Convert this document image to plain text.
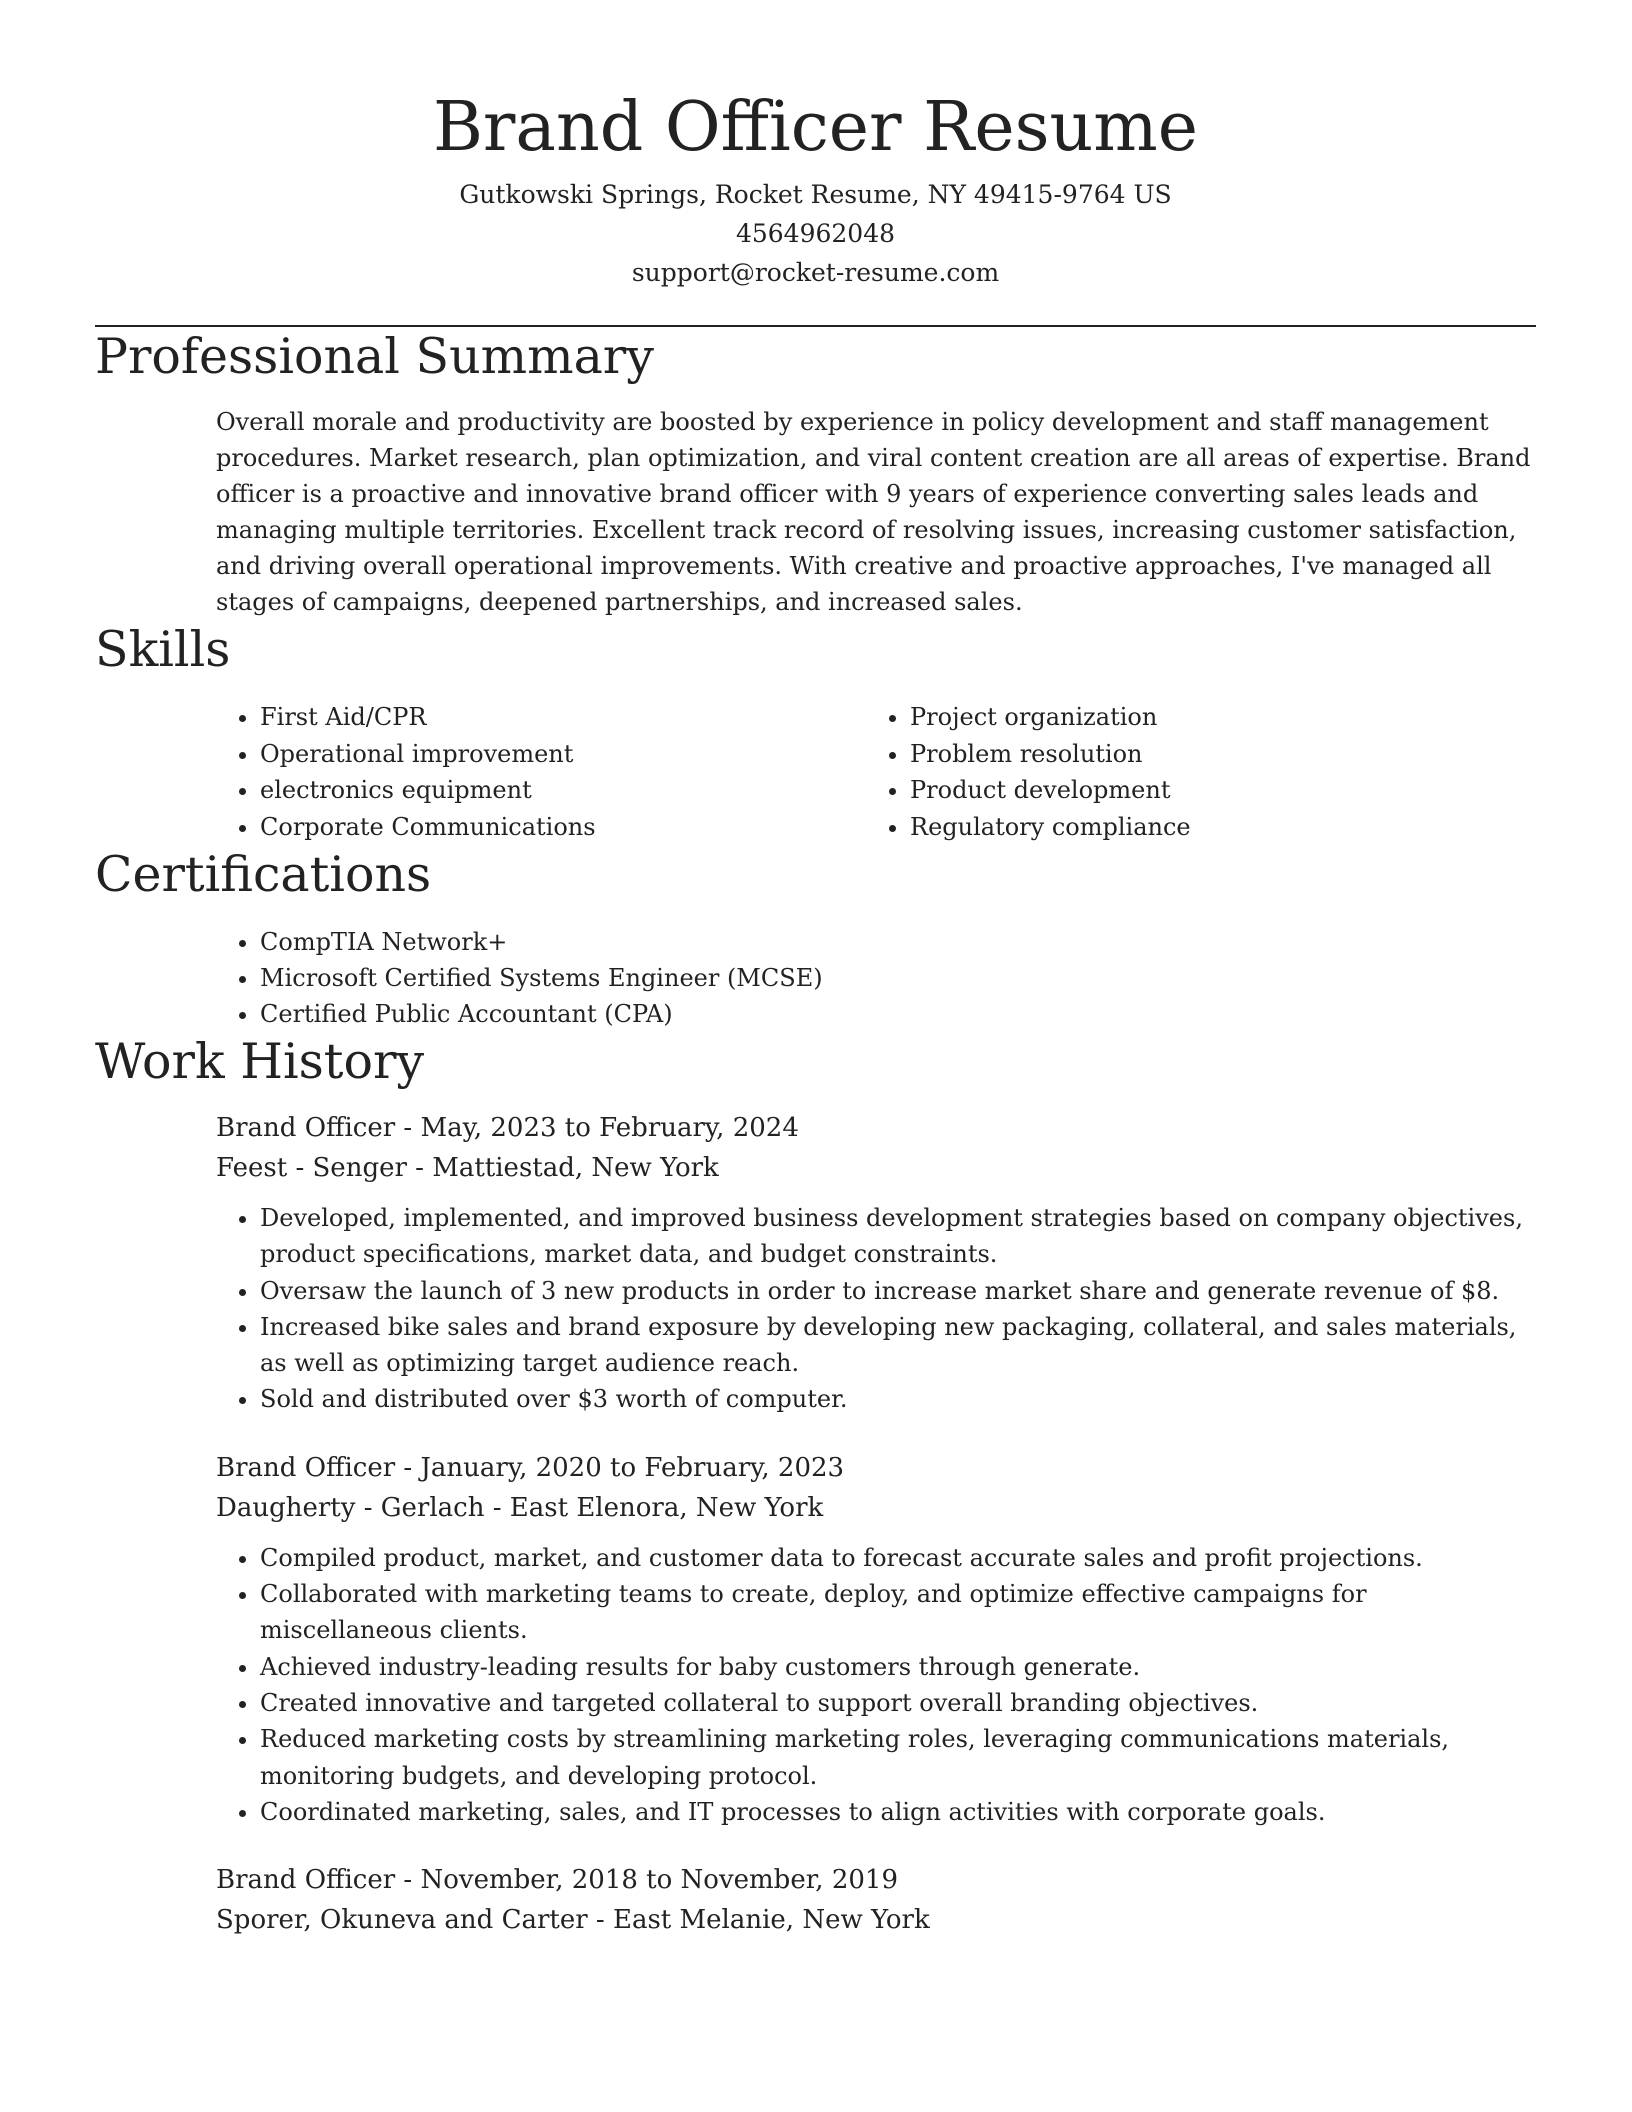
Brand Officer Resume

Gutkowski Springs, Rocket Resume, NY 49415-9764 US

4564962048

support@rocket-resume.com

Professional Summary

Overall morale and productivity are boosted by experience in policy development and staff management procedures. Market research, plan optimization, and viral content creation are all areas of expertise. Brand officer is a proactive and innovative brand officer with 9 years of experience converting sales leads and managing multiple territories. Excellent track record of resolving issues, increasing customer satisfaction, and driving overall operational improvements. With creative and proactive approaches, I've managed all stages of campaigns, deepened partnerships, and increased sales.

Skills
• First Aid/CPR
• Operational improvement
• electronics equipment
• Corporate Communications
• Project organization
• Problem resolution
• Product development
• Regulatory compliance
Certifications
• CompTIA Network+
• Microsoft Certified Systems Engineer (MCSE)
• Certified Public Accountant (CPA)
Work History

Brand Officer - May, 2023 to February, 2024

Feest - Senger - Mattiestad, New York

• Developed, implemented, and improved business development strategies based on company objectives, product specifications, market data, and budget constraints.
• Oversaw the launch of 3 new products in order to increase market share and generate revenue of $8.
• Increased bike sales and brand exposure by developing new packaging, collateral, and sales materials, as well as optimizing target audience reach.
• Sold and distributed over $3 worth of computer.

Brand Officer - January, 2020 to February, 2023

Daugherty - Gerlach - East Elenora, New York

• Compiled product, market, and customer data to forecast accurate sales and profit projections.
• Collaborated with marketing teams to create, deploy, and optimize effective campaigns for miscellaneous clients.
• Achieved industry-leading results for baby customers through generate.
• Created innovative and targeted collateral to support overall branding objectives.
• Reduced marketing costs by streamlining marketing roles, leveraging communications materials, monitoring budgets, and developing protocol.
• Coordinated marketing, sales, and IT processes to align activities with corporate goals.

Brand Officer - November, 2018 to November, 2019

Sporer, Okuneva and Carter - East Melanie, New York
